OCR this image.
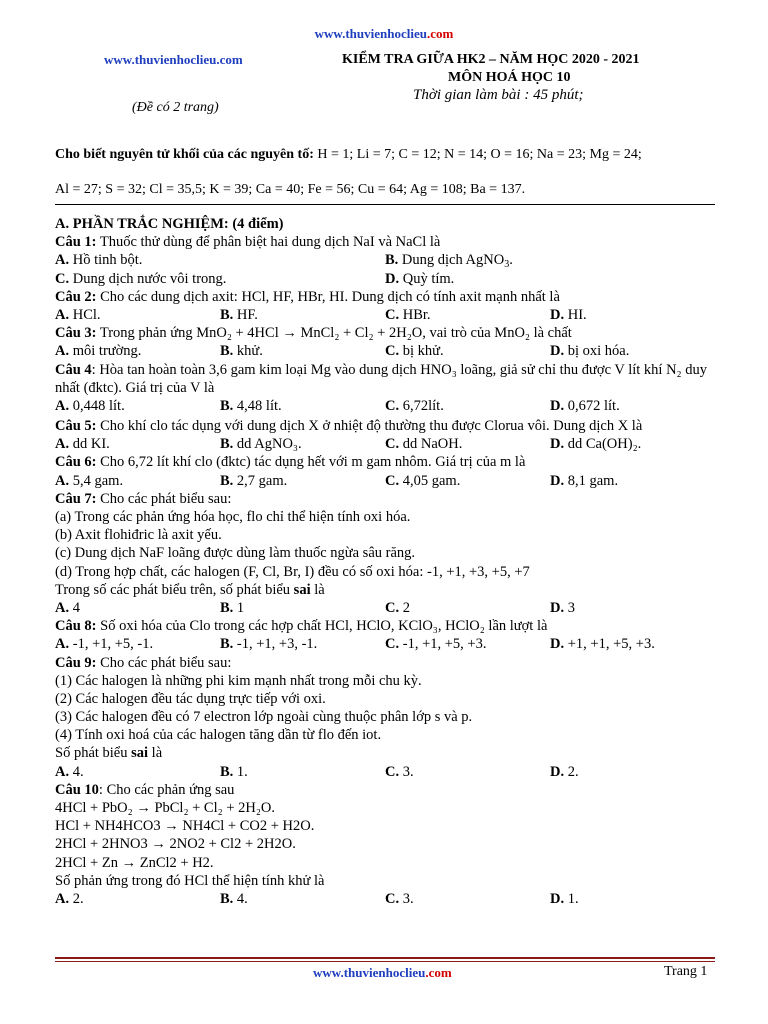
www.thuvienhoclieu.com
www.thuvienhoclieu.com	KIỂM TRA GIỮA HK2 – NĂM HỌC 2020 - 2021
MÔN HOÁ HỌC 10
Thời gian làm bài : 45 phút;
(Đề có 2 trang)
Cho biết nguyên tử khối của các nguyên tố: H = 1; Li = 7; C = 12; N = 14; O = 16; Na = 23; Mg = 24;
Al = 27; S = 32; Cl = 35,5; K = 39; Ca = 40; Fe = 56; Cu = 64; Ag = 108; Ba = 137.
A. PHẦN TRẮC NGHIỆM: (4 điểm)
Câu 1: Thuốc thử dùng để phân biệt hai dung dịch NaI và NaCl là
A. Hồ tinh bột.	B. Dung dịch AgNO$_3$.
C. Dung dịch nước vôi trong.	D. Quỳ tím.
Câu 2: Cho các dung dịch axit: HCl, HF, HBr, HI. Dung dịch có tính axit mạnh nhất là
A. HCl.	B. HF.	C. HBr.	D. HI.
Câu 3: Trong phản ứng MnO₂ + 4HCl → MnCl₂ + Cl₂ + 2H₂O, vai trò của MnO₂ là chất
A. môi trường.	B. khử.	C. bị khử.	D. bị oxi hóa.
Câu 4: Hòa tan hoàn toàn 3,6 gam kim loại Mg vào dung dịch HNO₃ loãng, giả sử chỉ thu được V lít khí N₂ duy nhất (đktc). Giá trị của V là
A. 0,448 lít.	B. 4,48 lít.	C. 6,72lít.	D. 0,672 lít.
Câu 5: Cho khí clo tác dụng với dung dịch X ở nhiệt độ thường thu được Clorua vôi. Dung dịch X là
A. dd KI.	B. dd AgNO₃.	C. dd NaOH.	D. dd Ca(OH)₂.
Câu 6: Cho 6,72 lít khí clo (đktc) tác dụng hết với m gam nhôm. Giá trị của m là
A. 5,4 gam.	B. 2,7 gam.	C. 4,05 gam.	D. 8,1 gam.
Câu 7: Cho các phát biểu sau:
(a) Trong các phản ứng hóa học, flo chỉ thể hiện tính oxi hóa.
(b) Axit flohiđric là axit yếu.
(c) Dung dịch NaF loãng được dùng làm thuốc ngừa sâu răng.
(d) Trong hợp chất, các halogen (F, Cl, Br, I) đều có số oxi hóa: -1, +1, +3, +5, +7
Trong số các phát biểu trên, số phát biểu sai là
A. 4	B. 1	C. 2	D. 3
Câu 8: Số oxi hóa của Clo trong các hợp chất HCl, HClO, KClO₃, HClO₂ lần lượt là
A. -1, +1, +5, -1.	B. -1, +1, +3, -1.	C. -1, +1, +5, +3.	D. +1, +1, +5, +3.
Câu 9: Cho các phát biểu sau:
(1) Các halogen là những phi kim mạnh nhất trong mỗi chu kỳ.
(2) Các halogen đều tác dụng trực tiếp với oxi.
(3) Các halogen đều có 7 electron lớp ngoài cùng thuộc phân lớp s và p.
(4) Tính oxi hoá của các halogen tăng dần từ flo đến iot.
Số phát biểu sai là
A. 4.	B. 1.	C. 3.	D. 2.
Câu 10: Cho các phản ứng sau
4HCl + PbO₂ → PbCl₂ + Cl₂ + 2H₂O.
HCl + NH4HCO3 → NH4Cl + CO2 + H2O.
2HCl + 2HNO3 → 2NO2 + Cl2 + 2H2O.
2HCl + Zn → ZnCl2 + H2.
Số phản ứng trong đó HCl thể hiện tính khử là
A. 2.	B. 4.	C. 3.	D. 1.
www.thuvienhoclieu.com	Trang 1
